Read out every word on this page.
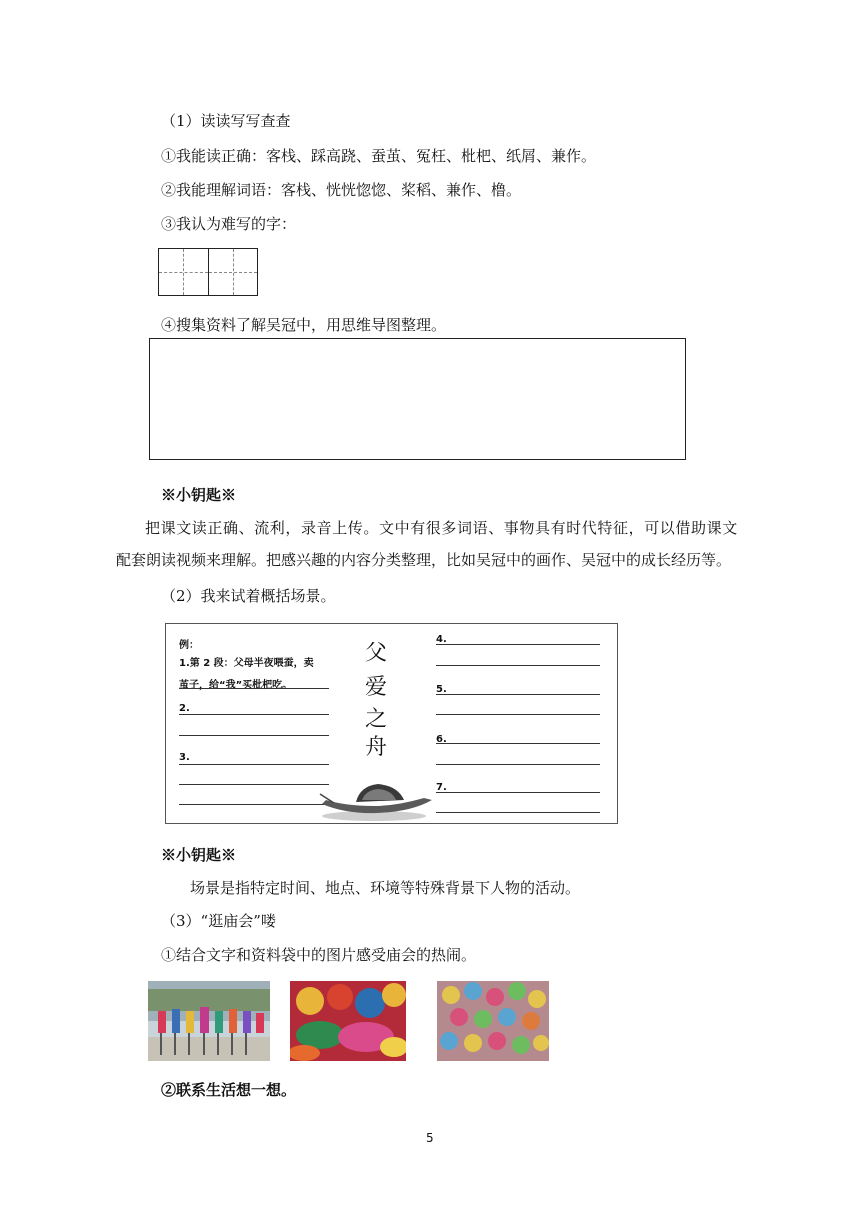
（1）读读写写查查
①我能读正确：客栈、踩高跷、蚕茧、冤枉、枇杷、纸屑、兼作。
②我能理解词语：客栈、恍恍惚惚、桨稻、兼作、橹。
③我认为难写的字：
④搜集资料了解吴冠中，用思维导图整理。
※小钥匙※
把课文读正确、流利，录音上传。文中有很多词语、事物具有时代特征，可以借助课文
配套朗读视频来理解。把感兴趣的内容分类整理，比如吴冠中的画作、吴冠中的成长经历等。
（2）我来试着概括场景。
例：
1.第 2 段：父母半夜喂蚕，卖
茧子，给“我”买枇杷吃。
2.
3.
父
爱
之
舟
4.
5.
6.
7.
※小钥匙※
场景是指特定时间、地点、环境等特殊背景下人物的活动。
（3）“逛庙会”喽
①结合文字和资料袋中的图片感受庙会的热闹。
②联系生活想一想。
5
